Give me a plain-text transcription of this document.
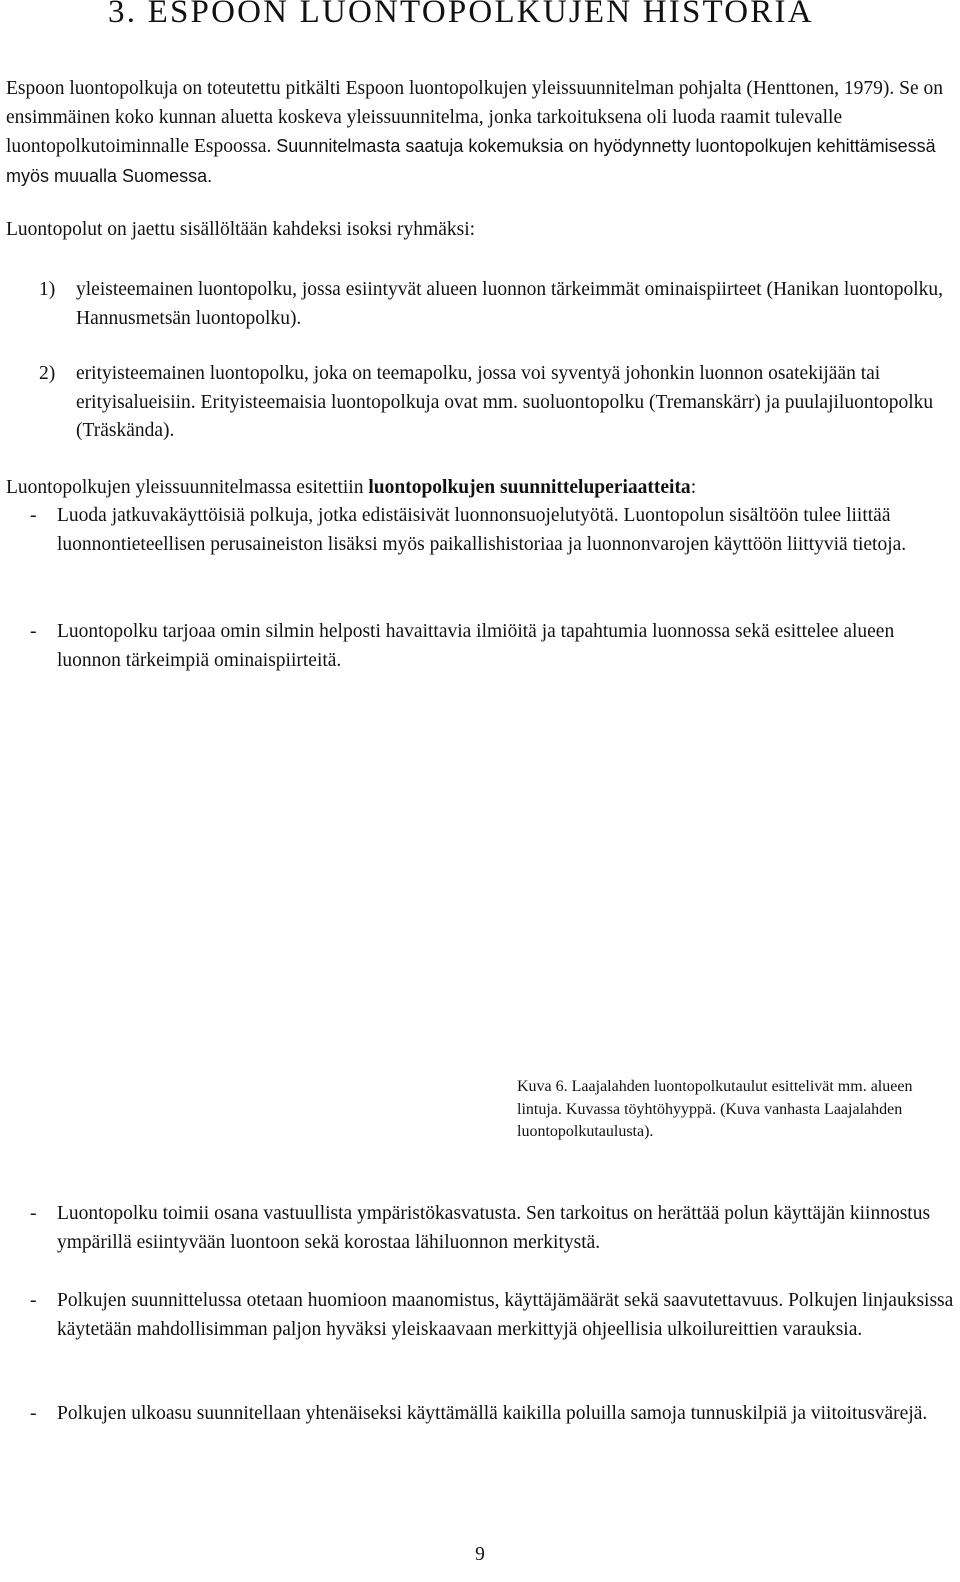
3. ESPOON LUONTOPOLKUJEN HISTORIA
Espoon luontopolkuja on toteutettu pitkälti Espoon luontopolkujen yleissuunnitelman pohjalta (Henttonen, 1979). Se on ensimmäinen koko kunnan aluetta koskeva yleissuunnitelma, jonka tarkoituksena oli luoda raamit tulevalle luontopolkutoiminnalle Espoossa. Suunnitelmasta saatuja kokemuksia on hyödynnetty luontopolkujen kehittämisessä myös muualla Suomessa.
Luontopolut on jaettu sisällöltään kahdeksi isoksi ryhmäksi:
1)	yleisteemainen luontopolku, jossa esiintyvät alueen luonnon tärkeimmät ominaispiirteet (Hanikan luontopolku, Hannusmetsän luontopolku).
2)	erityisteemainen luontopolku, joka on teemapolku, jossa voi syventyä johonkin luonnon osatekijään tai erityisalueisiin. Erityisteemaisia luontopolkuja ovat mm. suoluontopolku (Tremanskärr) ja puulajiluontopolku (Träskända).
Luontopolkujen yleissuunnitelmassa esitettiin luontopolkujen suunnitteluperiaatteita:
-	Luoda jatkuvakäyttöisiä polkuja, jotka edistäisivät luonnonsuojelutyötä. Luontopolun sisältöön tulee liittää luonnontieteellisen perusaineiston lisäksi myös paikallishistoriaa ja luonnonvarojen käyttöön liittyviä tietoja.
-	Luontopolku tarjoaa omin silmin helposti havaittavia ilmiöitä ja tapahtumia luonnossa sekä esittelee alueen luonnon tärkeimpiä ominaispiirteitä.
Kuva 6. Laajalahden luontopolkutaulut esittelivät mm. alueen lintuja. Kuvassa töyhtöhyyppä. (Kuva vanhasta Laajalahden luontopolkutaulusta).
-	Luontopolku toimii osana vastuullista ympäristökasvatusta. Sen tarkoitus on herättää polun käyttäjän kiinnostus ympärillä esiintyvään luontoon sekä korostaa lähiluonnon merkitystä.
-	Polkujen suunnittelussa otetaan huomioon maanomistus, käyttäjämäärät sekä saavutettavuus. Polkujen linjauksissa käytetään mahdollisimman paljon hyväksi yleiskaavaan merkittyjä ohjeellisia ulkoilureittien varauksia.
-	Polkujen ulkoasu suunnitellaan yhtenäiseksi käyttämällä kaikilla poluilla samoja tunnuskilpiä ja viitoitusvärejä.
9
